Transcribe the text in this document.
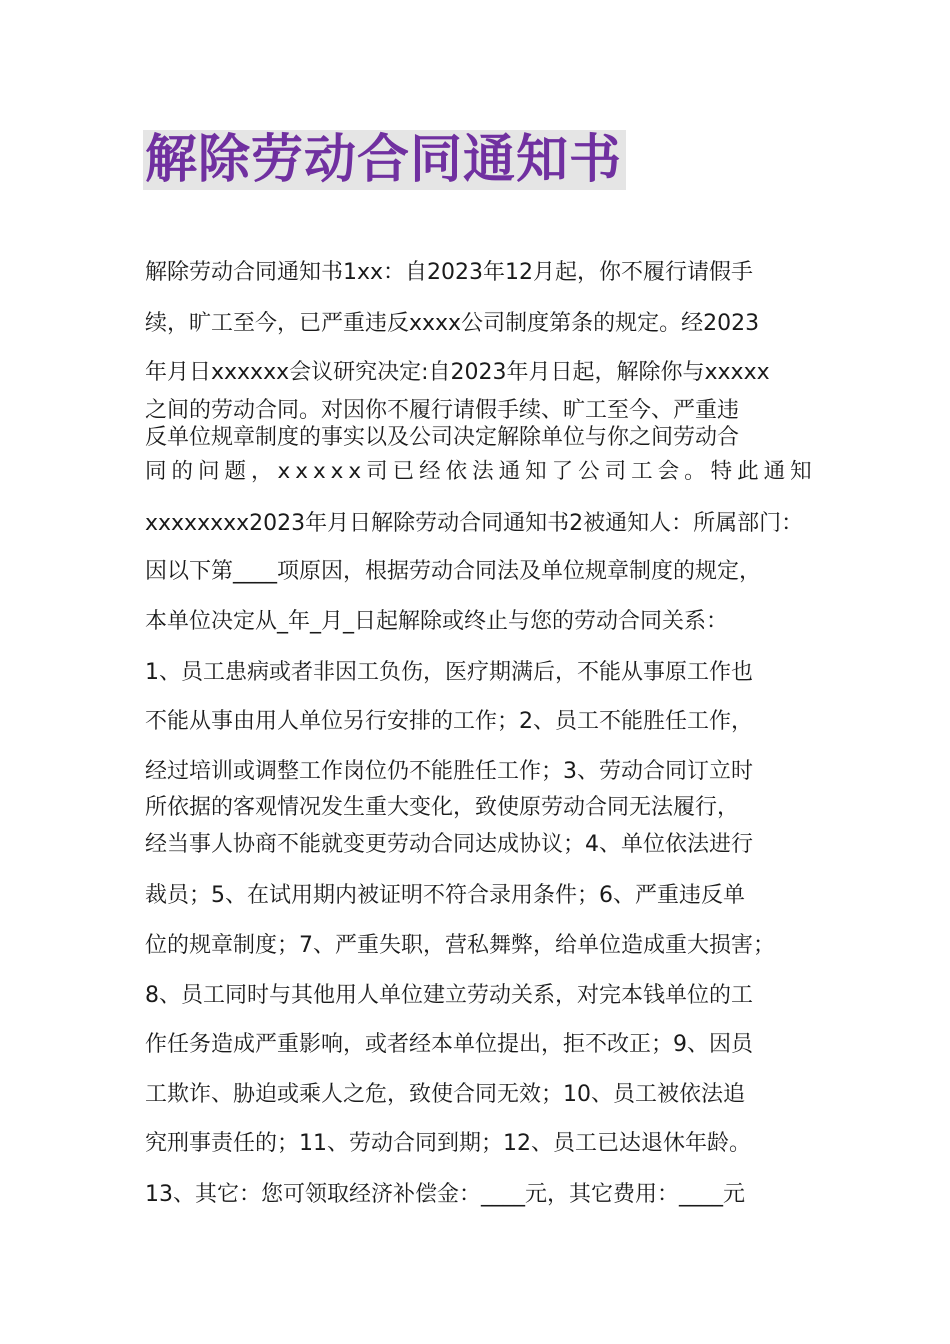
解除劳动合同通知书
解除劳动合同通知书1xx：自2023年12月起，你不履行请假手
续，旷工至今，已严重违反xxxx公司制度第条的规定。经2023
年月日xxxxxx会议研究决定:自2023年月日起，解除你与xxxxx
之间的劳动合同。对因你不履行请假手续、旷工至今、严重违
反单位规章制度的事实以及公司决定解除单位与你之间劳动合
同的问题，xxxxx司已经依法通知了公司工会。特此通知
xxxxxxxx2023年月日解除劳动合同通知书2被通知人：所属部门：
因以下第____项原因，根据劳动合同法及单位规章制度的规定，
本单位决定从_年_月_日起解除或终止与您的劳动合同关系：
1、员工患病或者非因工负伤，医疗期满后，不能从事原工作也
不能从事由用人单位另行安排的工作；2、员工不能胜任工作，
经过培训或调整工作岗位仍不能胜任工作；3、劳动合同订立时
所依据的客观情况发生重大变化，致使原劳动合同无法履行，
经当事人协商不能就变更劳动合同达成协议；4、单位依法进行
裁员；5、在试用期内被证明不符合录用条件；6、严重违反单
位的规章制度；7、严重失职，营私舞弊，给单位造成重大损害；
8、员工同时与其他用人单位建立劳动关系，对完本钱单位的工
作任务造成严重影响，或者经本单位提出，拒不改正；9、因员
工欺诈、胁迫或乘人之危，致使合同无效；10、员工被依法追
究刑事责任的；11、劳动合同到期；12、员工已达退休年龄。
13、其它：您可领取经济补偿金：____元，其它费用：____元
